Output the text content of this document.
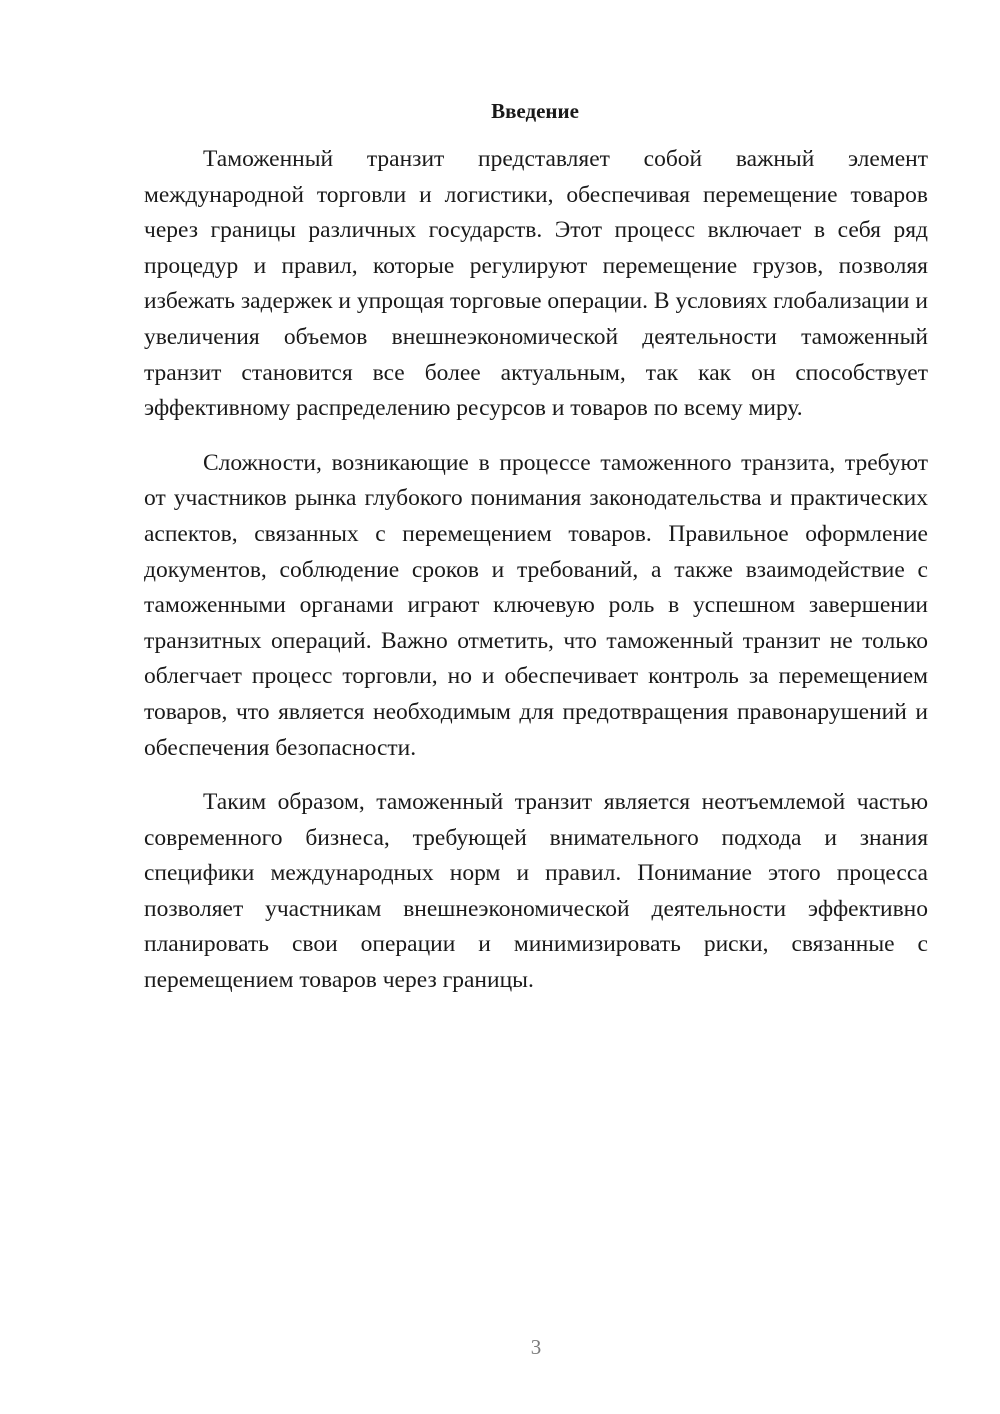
Введение

Таможенный транзит представляет собой важный элемент международной торговли и логистики, обеспечивая перемещение товаров через границы различных государств. Этот процесс включает в себя ряд процедур и правил, которые регулируют перемещение грузов, позволяя избежать задержек и упрощая торговые операции. В условиях глобализации и увеличения объемов внешнеэкономической деятельности таможенный транзит становится все более актуальным, так как он способствует эффективному распределению ресурсов и товаров по всему миру.

Сложности, возникающие в процессе таможенного транзита, требуют от участников рынка глубокого понимания законодательства и практических аспектов, связанных с перемещением товаров. Правильное оформление документов, соблюдение сроков и требований, а также взаимодействие с таможенными органами играют ключевую роль в успешном завершении транзитных операций. Важно отметить, что таможенный транзит не только облегчает процесс торговли, но и обеспечивает контроль за перемещением товаров, что является необходимым для предотвращения правонарушений и обеспечения безопасности.

Таким образом, таможенный транзит является неотъемлемой частью современного бизнеса, требующей внимательного подхода и знания специфики международных норм и правил. Понимание этого процесса позволяет участникам внешнеэкономической деятельности эффективно планировать свои операции и минимизировать риски, связанные с перемещением товаров через границы.

3
